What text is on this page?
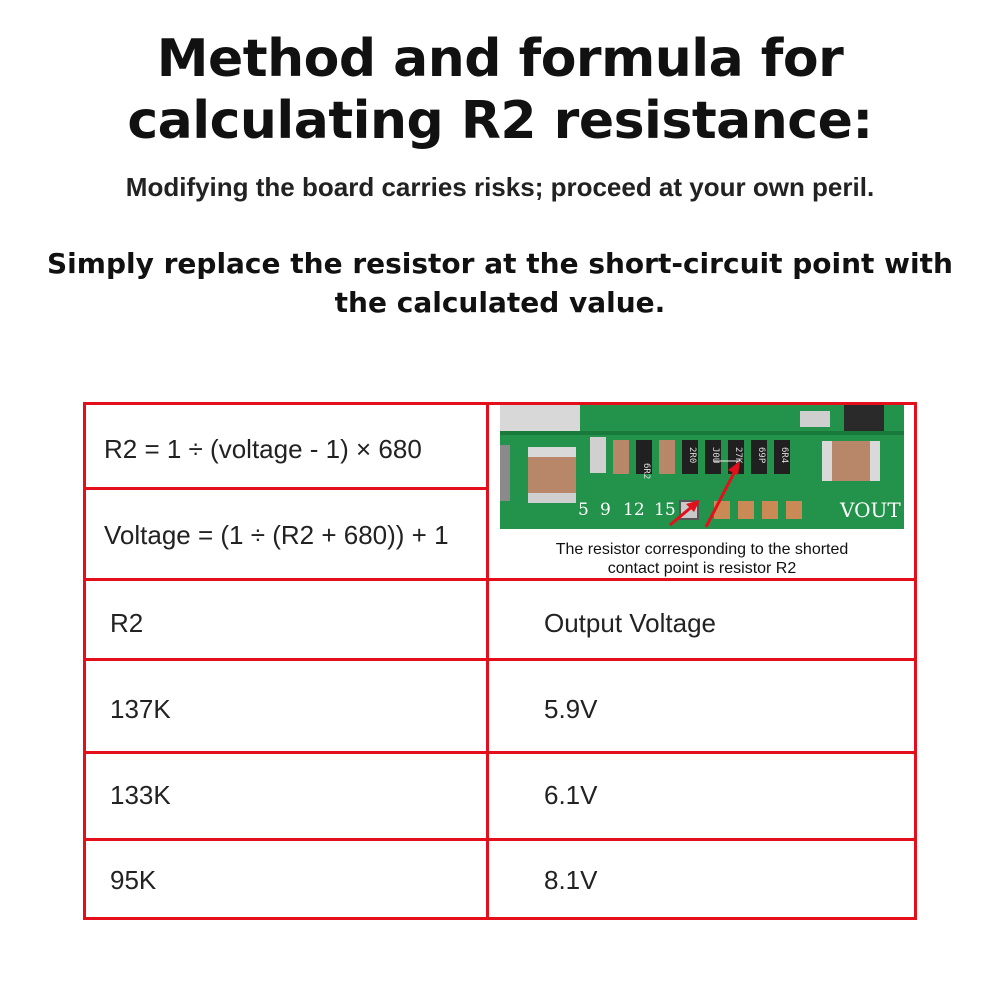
Method and formula for
calculating R2 resistance:
Modifying the board carries risks; proceed at your own peril.
Simply replace the resistor at the short-circuit point with
the calculated value.
R2 = 1 ÷ (voltage - 1) × 680
Voltage = (1 ÷ (R2 + 680)) + 1
5 9 12 15	VOUT
6R2
2R0 J0U 27K 69P 6R4
The resistor corresponding to the shorted
contact point is resistor R2
R2	Output Voltage
137K	5.9V
133K	6.1V
95K	8.1V
